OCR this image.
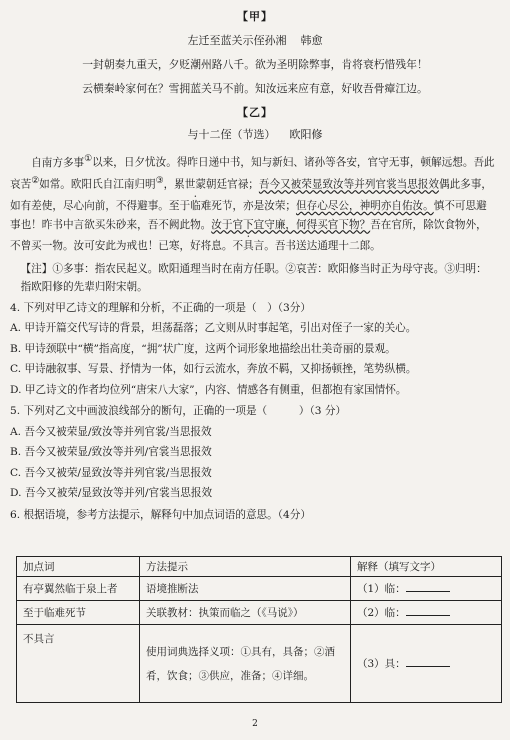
【甲】
左迁至蓝关示侄孙湘 韩愈
一封朝奏九重天，夕贬潮州路八千。欲为圣明除弊事，肯将衰朽惜残年！
云横秦岭家何在？雪拥蓝关马不前。知汝远来应有意，好收吾骨瘴江边。
【乙】
与十二侄（节选） 欧阳修
自南方多事①以来，日夕忧汝。得昨日递中书，知与新妇、诸孙等各安，官守无事，顿解远想。吾此哀苦②如常。欧阳氏自江南归明③，累世蒙朝廷官禄；吾今又被荣显致汝等并列官裳当思报效偶此多事，如有差使，尽心向前，不得避事。至于临难死节，亦是汝荣；但存心尽公，神明亦自佑汝。慎不可思避事也！昨书中言欲买朱砂来，吾不阙此物。汝于官下宜守廉，何得买官下物？吾在官所，除饮食物外，不曾买一物。汝可安此为戒也！已寒，好将息。不具言。吾书送达通理十二郎。
【注】①多事：指农民起义。欧阳通理当时在南方任职。②哀苦：欧阳修当时正为母守丧。③归明：指欧阳修的先辈归附宋朝。
4. 下列对甲乙诗文的理解和分析，不正确的一项是（　）（3分）
A. 甲诗开篇交代写诗的背景，坦荡磊落；乙文则从时事起笔，引出对侄子一家的关心。
B. 甲诗颈联中“横”指高度，“拥”状广度，这两个词形象地描绘出壮美奇丽的景观。
C. 甲诗融叙事、写景、抒情为一体，如行云流水，奔放不羁，又抑扬顿挫，笔势纵横。
D. 甲乙诗文的作者均位列“唐宋八大家”，内容、情感各有侧重，但都抱有家国情怀。
5. 下列对乙文中画波浪线部分的断句，正确的一项是（　　　）（3 分）
A. 吾今又被荣显/致汝等并列官裳/当思报效
B. 吾今又被荣显/致汝等并列/官裳当思报效
C. 吾今又被荣/显致汝等并列官裳/当思报效
D. 吾今又被荣/显致汝等并列/官裳当思报效
6. 根据语境，参考方法提示，解释句中加点词语的意思。（4分）
加点词	方法提示	解释（填写文字）
有亭翼然临于泉上者	语境推断法	（1）临：
至于临难死节	关联教材：执策而临之（《马说》）	（2）临：
不具言	使用词典选择义项：①具有，具备；②酒肴，饮食；③供应，准备；④详细。	（3）具：
2
